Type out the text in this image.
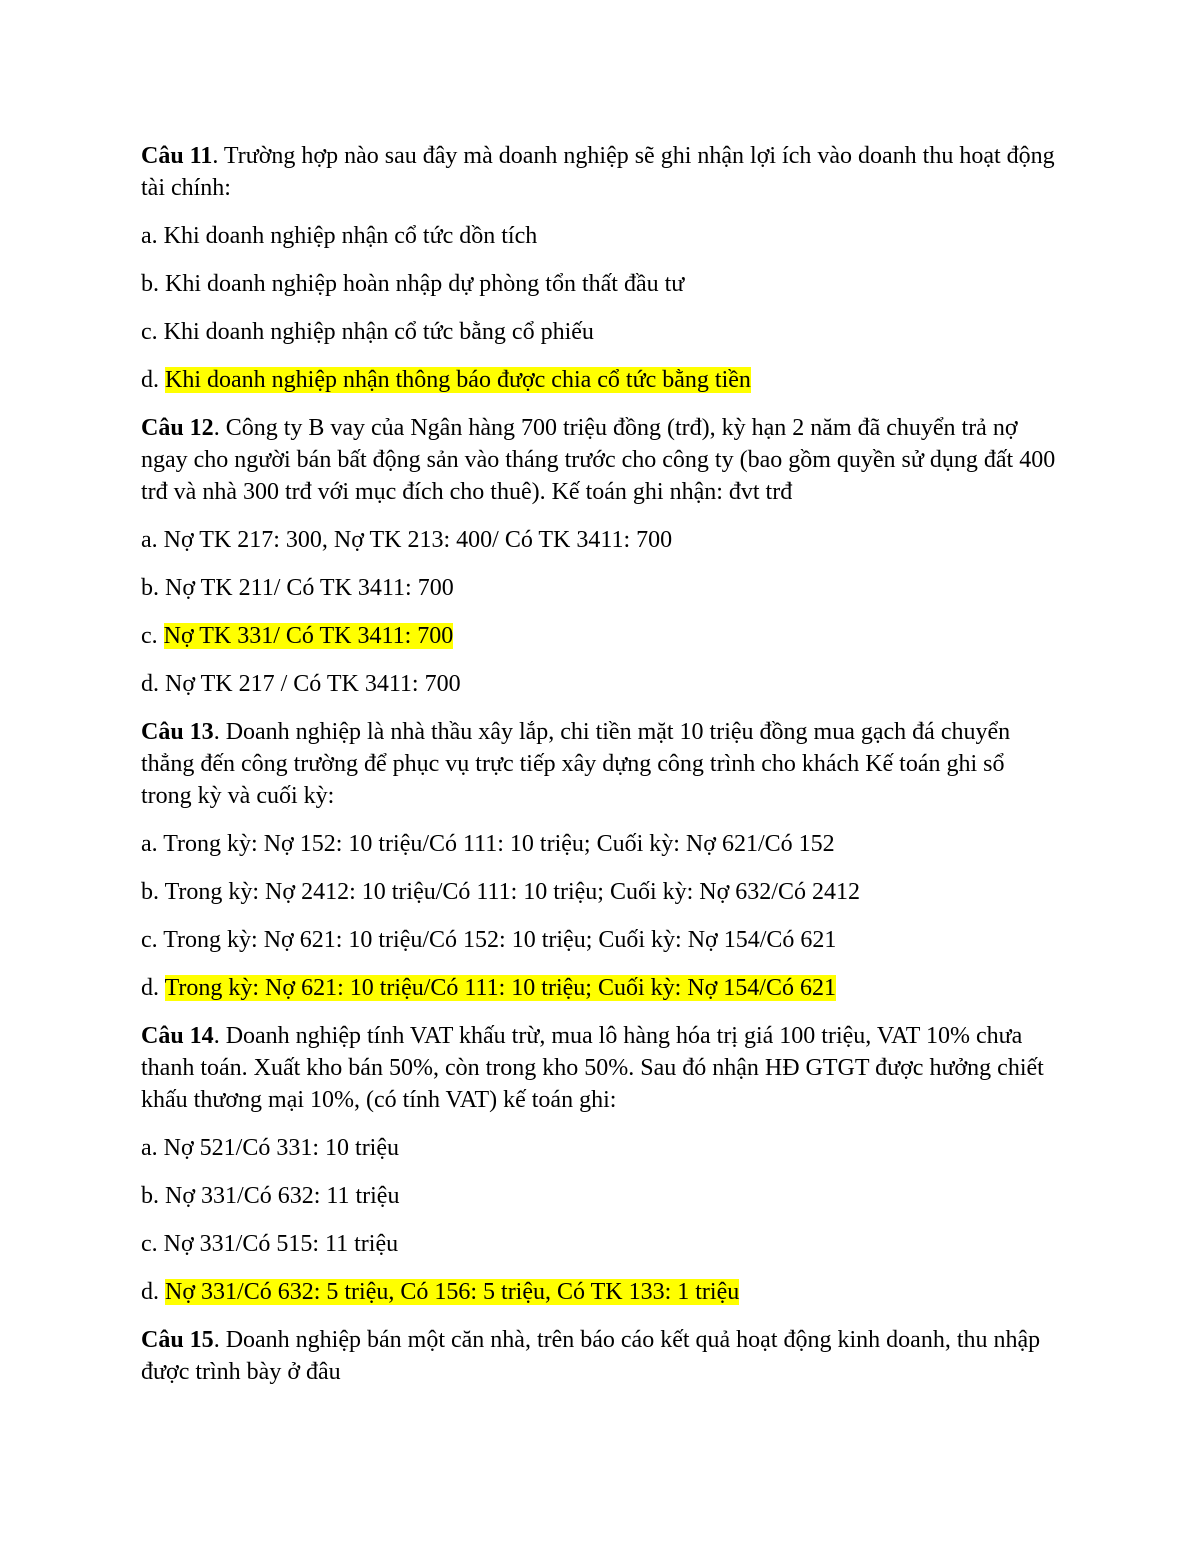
Câu 11. Trường hợp nào sau đây mà doanh nghiệp sẽ ghi nhận lợi ích vào doanh thu hoạt động tài chính:

a. Khi doanh nghiệp nhận cổ tức dồn tích

b. Khi doanh nghiệp hoàn nhập dự phòng tổn thất đầu tư

c. Khi doanh nghiệp nhận cổ tức bằng cổ phiếu

d. Khi doanh nghiệp nhận thông báo được chia cổ tức bằng tiền

Câu 12. Công ty B vay của Ngân hàng 700 triệu đồng (trđ), kỳ hạn 2 năm đã chuyển trả nợ ngay cho người bán bất động sản vào tháng trước cho công ty (bao gồm quyền sử dụng đất 400 trđ và nhà 300 trđ với mục đích cho thuê). Kế toán ghi nhận: đvt trđ

a. Nợ TK 217: 300, Nợ TK 213: 400/ Có TK 3411: 700

b. Nợ TK 211/ Có TK 3411: 700

c. Nợ TK 331/ Có TK 3411: 700

d. Nợ TK 217 / Có TK 3411: 700

Câu 13. Doanh nghiệp là nhà thầu xây lắp, chi tiền mặt 10 triệu đồng mua gạch đá chuyển thẳng đến công trường để phục vụ trực tiếp xây dựng công trình cho khách Kế toán ghi sổ trong kỳ và cuối kỳ:

a. Trong kỳ: Nợ 152: 10 triệu/Có 111: 10 triệu; Cuối kỳ: Nợ 621/Có 152

b. Trong kỳ: Nợ 2412: 10 triệu/Có 111: 10 triệu; Cuối kỳ: Nợ 632/Có 2412

c. Trong kỳ: Nợ 621: 10 triệu/Có 152: 10 triệu; Cuối kỳ: Nợ 154/Có 621

d. Trong kỳ: Nợ 621: 10 triệu/Có 111: 10 triệu; Cuối kỳ: Nợ 154/Có 621

Câu 14. Doanh nghiệp tính VAT khấu trừ, mua lô hàng hóa trị giá 100 triệu, VAT 10% chưa thanh toán. Xuất kho bán 50%, còn trong kho 50%. Sau đó nhận HĐ GTGT được hưởng chiết khấu thương mại 10%, (có tính VAT) kế toán ghi:

a. Nợ 521/Có 331: 10 triệu

b. Nợ 331/Có 632: 11 triệu

c. Nợ 331/Có 515: 11 triệu

d. Nợ 331/Có 632: 5 triệu, Có 156: 5 triệu, Có TK 133: 1 triệu

Câu 15. Doanh nghiệp bán một căn nhà, trên báo cáo kết quả hoạt động kinh doanh, thu nhập được trình bày ở đâu
